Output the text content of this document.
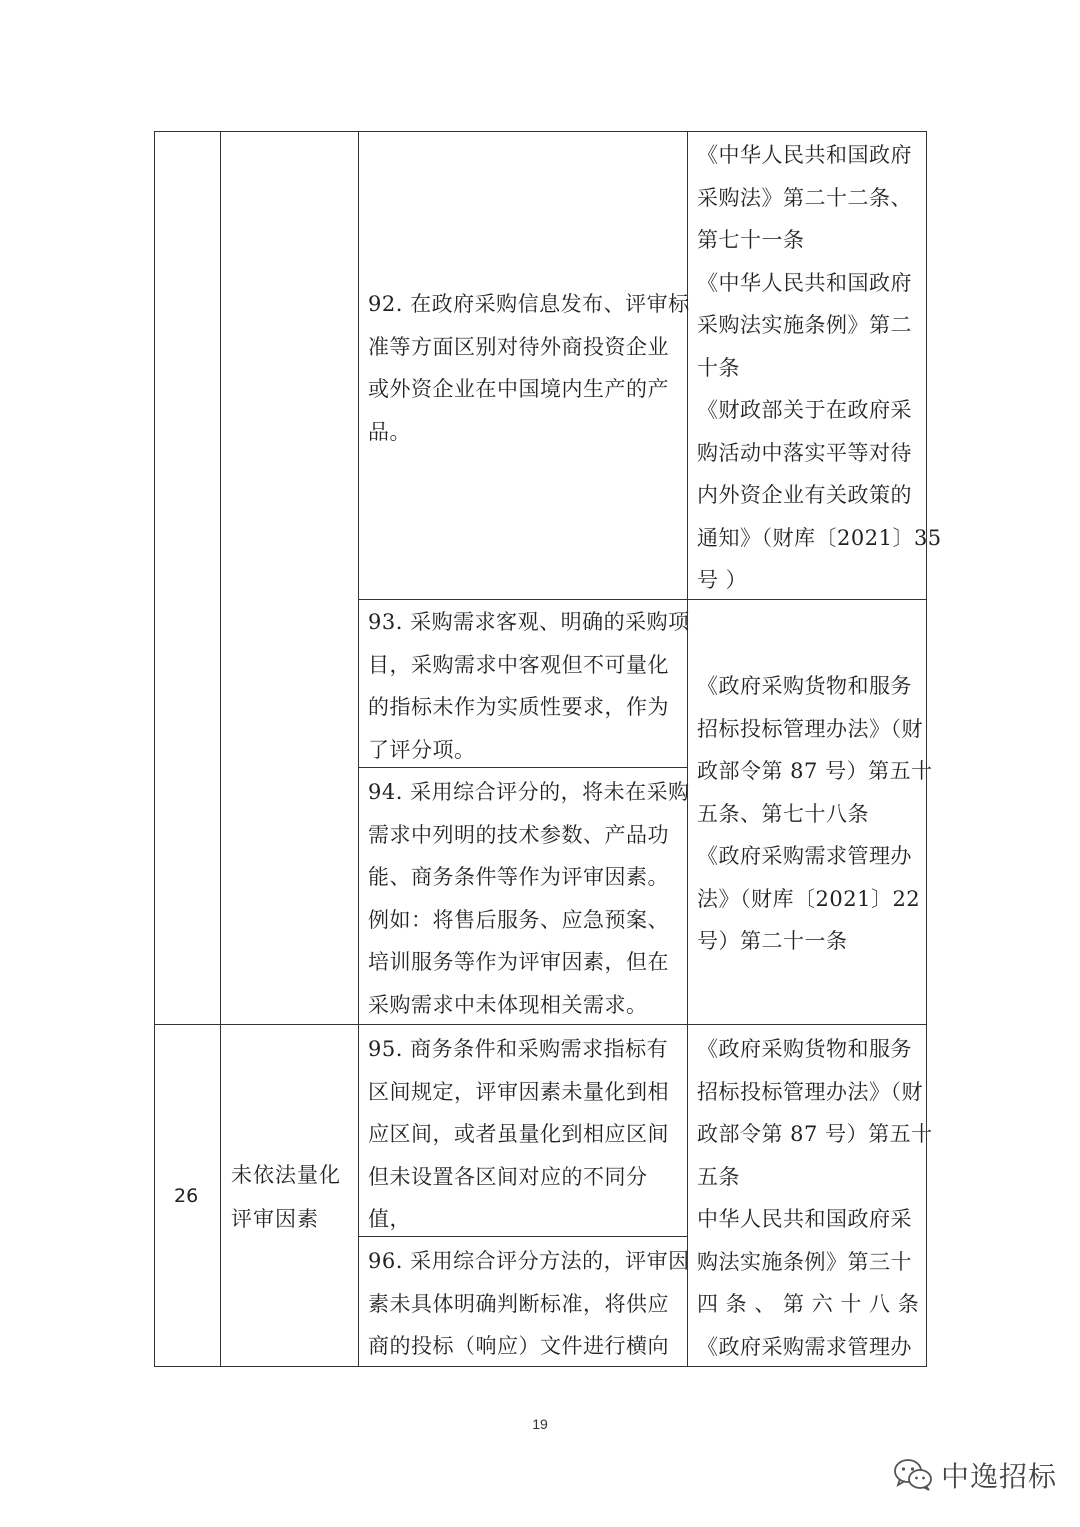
92. 在政府采购信息发布、评审标
准等方面区别对待外商投资企业
或外资企业在中国境内生产的产
品。
《中华人民共和国政府
采购法》第二十二条、
第七十一条
《中华人民共和国政府
采购法实施条例》第二
十条
《财政部关于在政府采
购活动中落实平等对待
内外资企业有关政策的
通知》（财库〔2021〕35
号 ）
93. 采购需求客观、明确的采购项
目，采购需求中客观但不可量化
的指标未作为实质性要求，作为
了评分项。
94. 采用综合评分的，将未在采购
需求中列明的技术参数、产品功
能、商务条件等作为评审因素。
例如：将售后服务、应急预案、
培训服务等作为评审因素，但在
采购需求中未体现相关需求。
《政府采购货物和服务
招标投标管理办法》（财
政部令第 87 号）第五十
五条、第七十八条
《政府采购需求管理办
法》（财库〔2021〕22
号）第二十一条
26
未依法量化
评审因素
95. 商务条件和采购需求指标有
区间规定，评审因素未量化到相
应区间，或者虽量化到相应区间
但未设置各区间对应的不同分
值，
96. 采用综合评分方法的，评审因
素未具体明确判断标准，将供应
商的投标（响应）文件进行横向
《政府采购货物和服务
招标投标管理办法》（财
政部令第 87 号）第五十
五条
中华人民共和国政府采
购法实施条例》第三十
四 条 、 第 六 十 八 条
《政府采购需求管理办
19
中逸招标
